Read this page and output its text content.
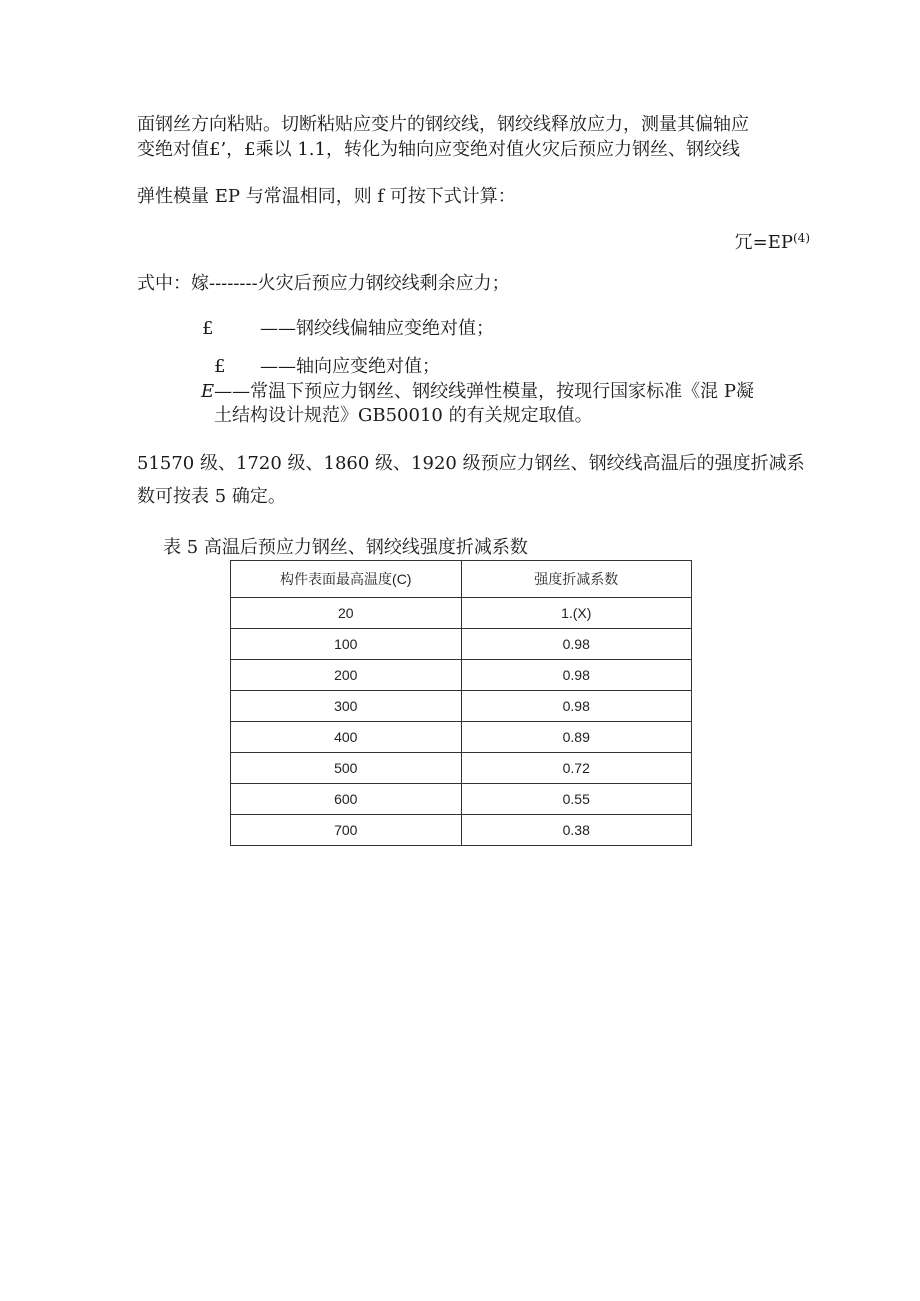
面钢丝方向粘贴。切断粘贴应变片的钢绞线，钢绞线释放应力，测量其偏轴应
变绝对值£’，£乘以 1.1，转化为轴向应变绝对值火灾后预应力钢丝、钢绞线
弹性模量 EP 与常温相同，则 f 可按下式计算：
冗$=EP^{(4)}$
式中：嫁--------火灾后预应力钢绞线剩余应力；
£	——钢绞线偏轴应变绝对值；
£ ——轴向应变绝对值；
E——常温下预应力钢丝、钢绞线弹性模量，按现行国家标准《混 P凝
土结构设计规范》GB50010 的有关规定取值。
51570 级、1720 级、1860 级、1920 级预应力钢丝、钢绞线高温后的强度折减系
数可按表 5 确定。
表 5 高温后预应力钢丝、钢绞线强度折减系数
构件表面最高温度(C)	强度折减系数
20	1.(X)
100	0.98
200	0.98
300	0.98
400	0.89
500	0.72
600	0.55
700	0.38
